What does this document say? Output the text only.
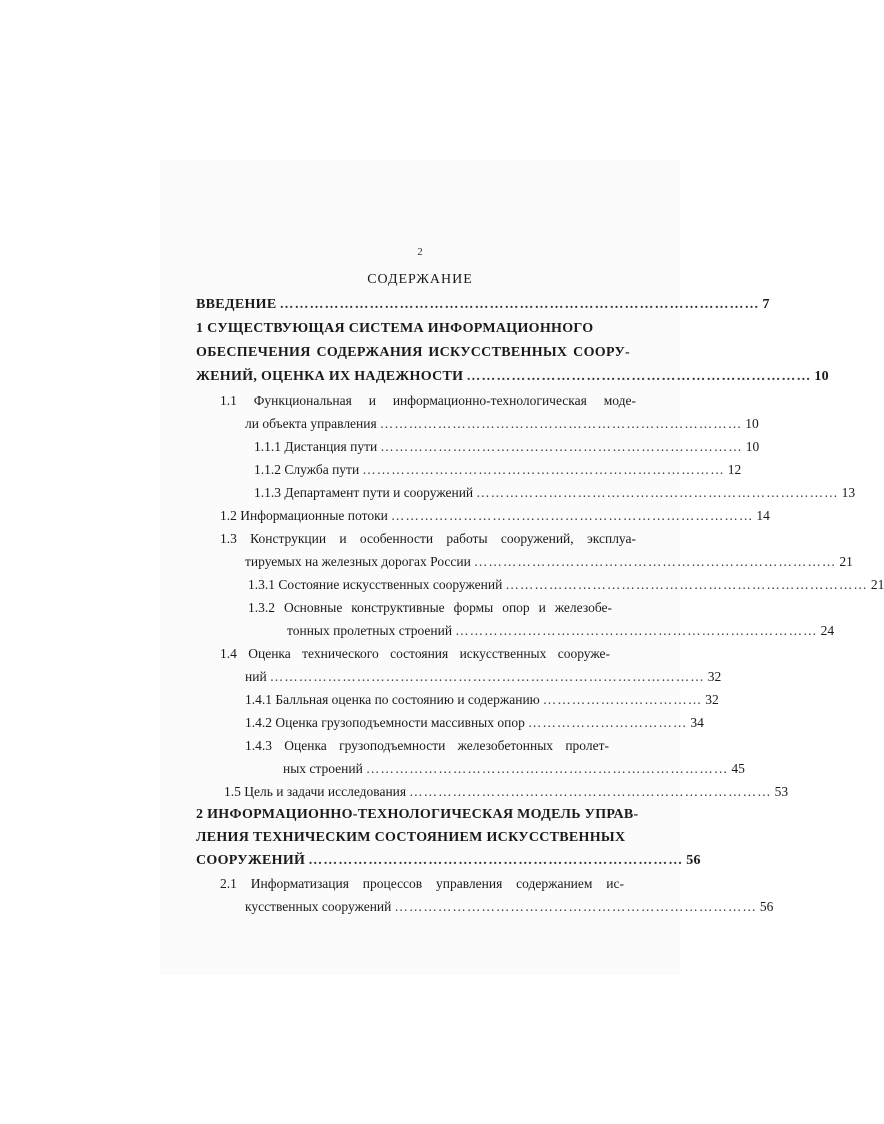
2
СОДЕРЖАНИЕ
ВВЕДЕНИЕ …………………………………………………………………………………… 7
1 СУЩЕСТВУЮЩАЯ СИСТЕМА ИНФОРМАЦИОННОГО
ОБЕСПЕЧЕНИЯ СОДЕРЖАНИЯ ИСКУССТВЕННЫХ СООРУ-
ЖЕНИЙ, ОЦЕНКА ИХ НАДЕЖНОСТИ …………………………………………………………… 10
1.1 Функциональная и информационно-технологическая моде-
ли объекта управления ………………………………………………………………… 10
1.1.1 Дистанция пути ………………………………………………………………… 10
1.1.2 Служба пути ………………………………………………………………… 12
1.1.3 Департамент пути и сооружений ………………………………………………………………… 13
1.2 Информационные потоки ………………………………………………………………… 14
1.3 Конструкции и особенности работы сооружений, эксплуа-
тируемых на железных дорогах России ………………………………………………………………… 21
1.3.1 Состояние искусственных сооружений ………………………………………………………………… 21
1.3.2 Основные конструктивные формы опор и железобе-
тонных пролетных строений ………………………………………………………………… 24
1.4 Оценка технического состояния искусственных сооруже-
ний ……………………………………………………………………………… 32
1.4.1 Балльная оценка по состоянию и содержанию …………………………… 32
1.4.2 Оценка грузоподъемности массивных опор …………………………… 34
1.4.3 Оценка грузоподъемности железобетонных пролет-
ных строений ………………………………………………………………… 45
1.5 Цель и задачи исследования ………………………………………………………………… 53
2 ИНФОРМАЦИОННО-ТЕХНОЛОГИЧЕСКАЯ МОДЕЛЬ УПРАВ-
ЛЕНИЯ ТЕХНИЧЕСКИМ СОСТОЯНИЕМ ИСКУССТВЕННЫХ
СООРУЖЕНИЙ ………………………………………………………………… 56
2.1 Информатизация процессов управления содержанием ис-
кусственных сооружений ………………………………………………………………… 56
